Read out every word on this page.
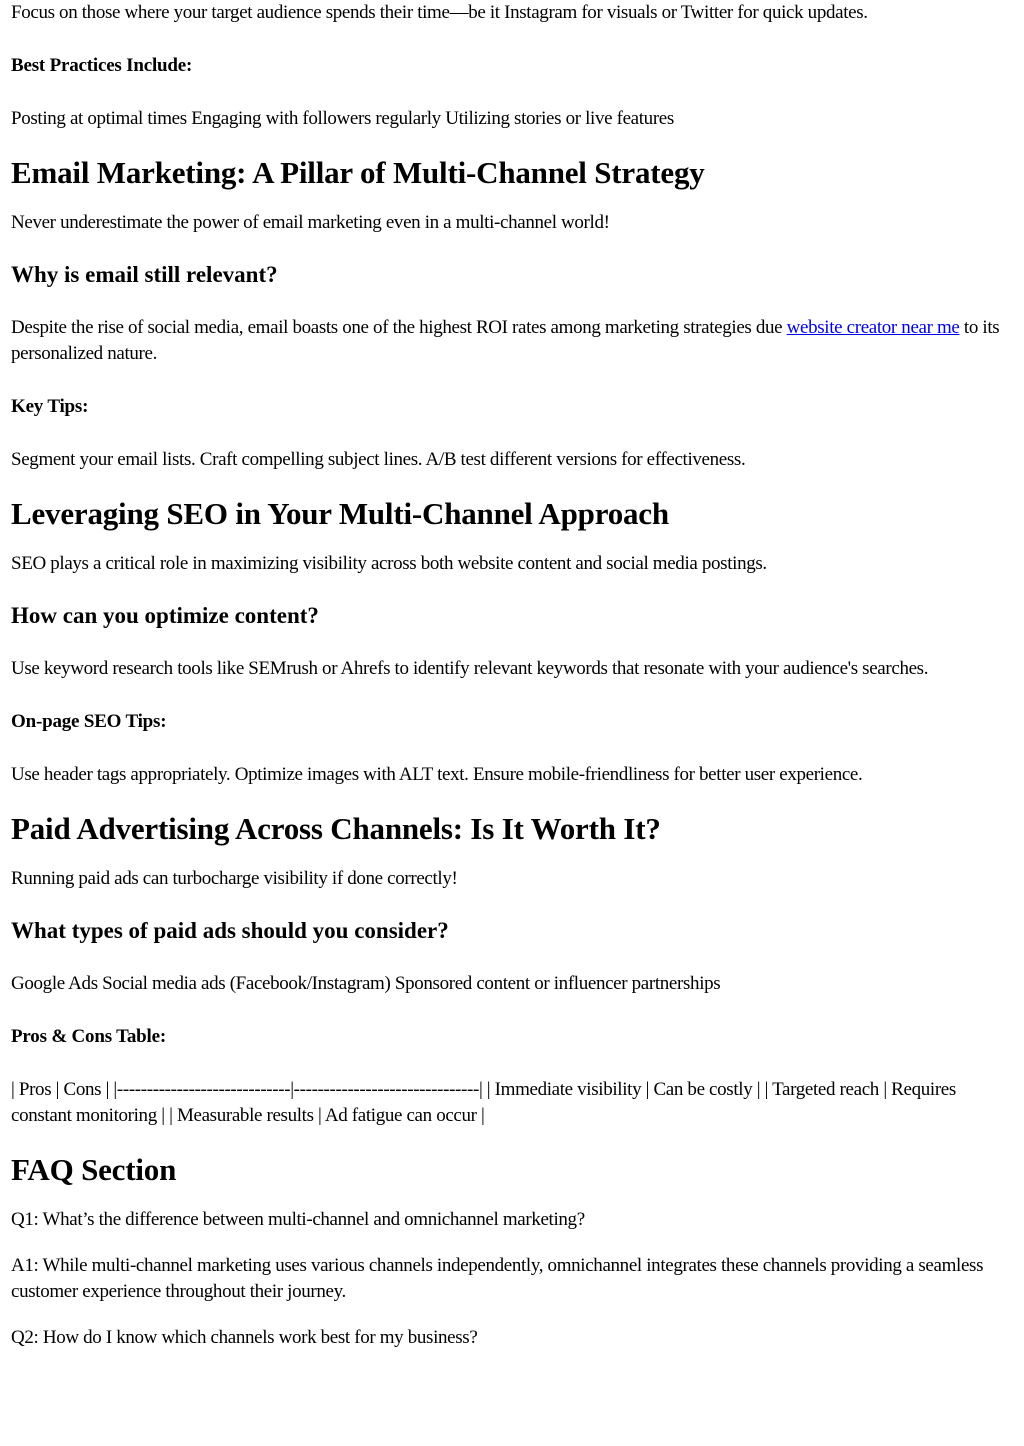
Focus on those where your target audience spends their time—be it Instagram for visuals or Twitter for quick updates.

Best Practices Include:

Posting at optimal times Engaging with followers regularly Utilizing stories or live features

Email Marketing: A Pillar of Multi-Channel Strategy

Never underestimate the power of email marketing even in a multi-channel world!

Why is email still relevant?

Despite the rise of social media, email boasts one of the highest ROI rates among marketing strategies due website creator near me to its personalized nature.

Key Tips:

Segment your email lists. Craft compelling subject lines. A/B test different versions for effectiveness.

Leveraging SEO in Your Multi-Channel Approach

SEO plays a critical role in maximizing visibility across both website content and social media postings.

How can you optimize content?

Use keyword research tools like SEMrush or Ahrefs to identify relevant keywords that resonate with your audience's searches.

On-page SEO Tips:

Use header tags appropriately. Optimize images with ALT text. Ensure mobile-friendliness for better user experience.

Paid Advertising Across Channels: Is It Worth It?

Running paid ads can turbocharge visibility if done correctly!

What types of paid ads should you consider?

Google Ads Social media ads (Facebook/Instagram) Sponsored content or influencer partnerships

Pros & Cons Table:

| Pros | Cons | |-----------------------------|-------------------------------| | Immediate visibility | Can be costly | | Targeted reach | Requires constant monitoring | | Measurable results | Ad fatigue can occur |

FAQ Section

Q1: What’s the difference between multi-channel and omnichannel marketing?

A1: While multi-channel marketing uses various channels independently, omnichannel integrates these channels providing a seamless customer experience throughout their journey.

Q2: How do I know which channels work best for my business?
